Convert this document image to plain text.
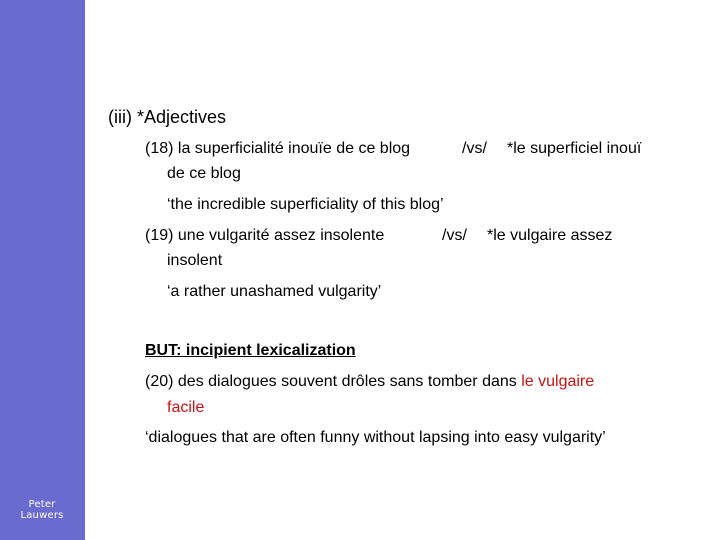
Peter
Lauwers
(iii) *Adjectives
(18) la superficialité inouïe de ce blog	/vs/ *le superficiel inouï
de ce blog
‘the incredible superficiality of this blog’
(19) une vulgarité assez insolente	/vs/ *le vulgaire assez
insolent
‘a rather unashamed vulgarity’
BUT: incipient lexicalization
(20) des dialogues souvent drôles sans tomber dans le vulgaire
facile
‘dialogues that are often funny without lapsing into easy vulgarity’
